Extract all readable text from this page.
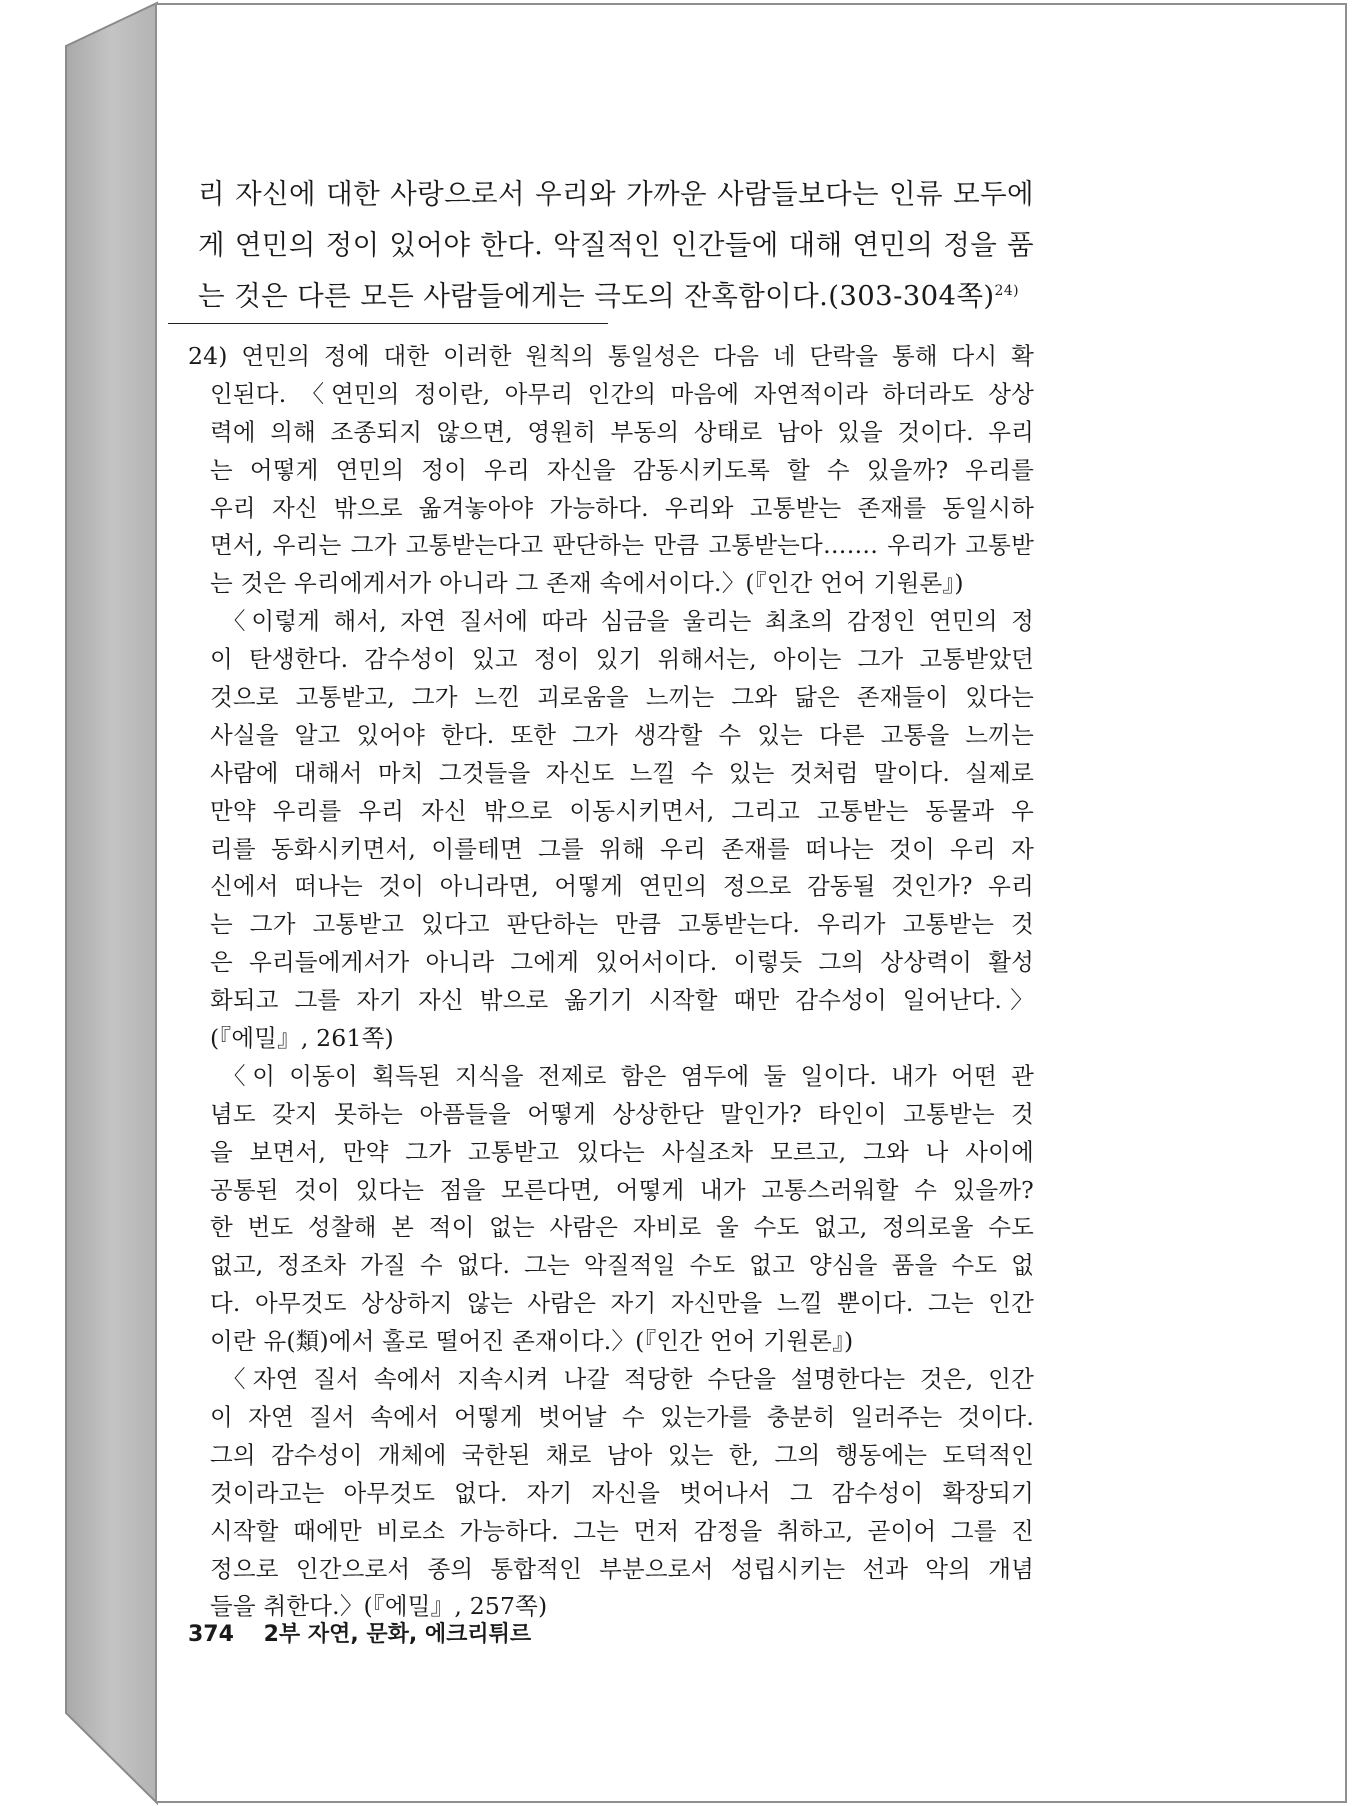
리 자신에 대한 사랑으로서 우리와 가까운 사람들보다는 인류 모두에
게 연민의 정이 있어야 한다. 악질적인 인간들에 대해 연민의 정을 품
는 것은 다른 모든 사람들에게는 극도의 잔혹함이다.(303-304쪽)$^{24)}$
24) 연민의 정에 대한 이러한 원칙의 통일성은 다음 네 단락을 통해 다시 확
인된다. 〈연민의 정이란, 아무리 인간의 마음에 자연적이라 하더라도 상상
력에 의해 조종되지 않으면, 영원히 부동의 상태로 남아 있을 것이다. 우리
는 어떻게 연민의 정이 우리 자신을 감동시키도록 할 수 있을까? 우리를
우리 자신 밖으로 옮겨놓아야 가능하다. 우리와 고통받는 존재를 동일시하
면서, 우리는 그가 고통받는다고 판단하는 만큼 고통받는다……. 우리가 고통받
는 것은 우리에게서가 아니라 그 존재 속에서이다.〉(『인간 언어 기원론』)
〈이렇게 해서, 자연 질서에 따라 심금을 울리는 최초의 감정인 연민의 정
이 탄생한다. 감수성이 있고 정이 있기 위해서는, 아이는 그가 고통받았던
것으로 고통받고, 그가 느낀 괴로움을 느끼는 그와 닮은 존재들이 있다는
사실을 알고 있어야 한다. 또한 그가 생각할 수 있는 다른 고통을 느끼는
사람에 대해서 마치 그것들을 자신도 느낄 수 있는 것처럼 말이다. 실제로
만약 우리를 우리 자신 밖으로 이동시키면서, 그리고 고통받는 동물과 우
리를 동화시키면서, 이를테면 그를 위해 우리 존재를 떠나는 것이 우리 자
신에서 떠나는 것이 아니라면, 어떻게 연민의 정으로 감동될 것인가? 우리
는 그가 고통받고 있다고 판단하는 만큼 고통받는다. 우리가 고통받는 것
은 우리들에게서가 아니라 그에게 있어서이다. 이렇듯 그의 상상력이 활성
화되고 그를 자기 자신 밖으로 옮기기 시작할 때만 감수성이 일어난다.〉
(『에밀』, 261쪽)
〈이 이동이 획득된 지식을 전제로 함은 염두에 둘 일이다. 내가 어떤 관
념도 갖지 못하는 아픔들을 어떻게 상상한단 말인가? 타인이 고통받는 것
을 보면서, 만약 그가 고통받고 있다는 사실조차 모르고, 그와 나 사이에
공통된 것이 있다는 점을 모른다면, 어떻게 내가 고통스러워할 수 있을까?
한 번도 성찰해 본 적이 없는 사람은 자비로 울 수도 없고, 정의로울 수도
없고, 정조차 가질 수 없다. 그는 악질적일 수도 없고 양심을 품을 수도 없
다. 아무것도 상상하지 않는 사람은 자기 자신만을 느낄 뿐이다. 그는 인간
이란 유(類)에서 홀로 떨어진 존재이다.〉(『인간 언어 기원론』)
〈자연 질서 속에서 지속시켜 나갈 적당한 수단을 설명한다는 것은, 인간
이 자연 질서 속에서 어떻게 벗어날 수 있는가를 충분히 일러주는 것이다.
그의 감수성이 개체에 국한된 채로 남아 있는 한, 그의 행동에는 도덕적인
것이라고는 아무것도 없다. 자기 자신을 벗어나서 그 감수성이 확장되기
시작할 때에만 비로소 가능하다. 그는 먼저 감정을 취하고, 곧이어 그를 진
정으로 인간으로서 종의 통합적인 부분으로서 성립시키는 선과 악의 개념
들을 취한다.〉(『에밀』, 257쪽)
374 2부 자연, 문화, 에크리튀르
